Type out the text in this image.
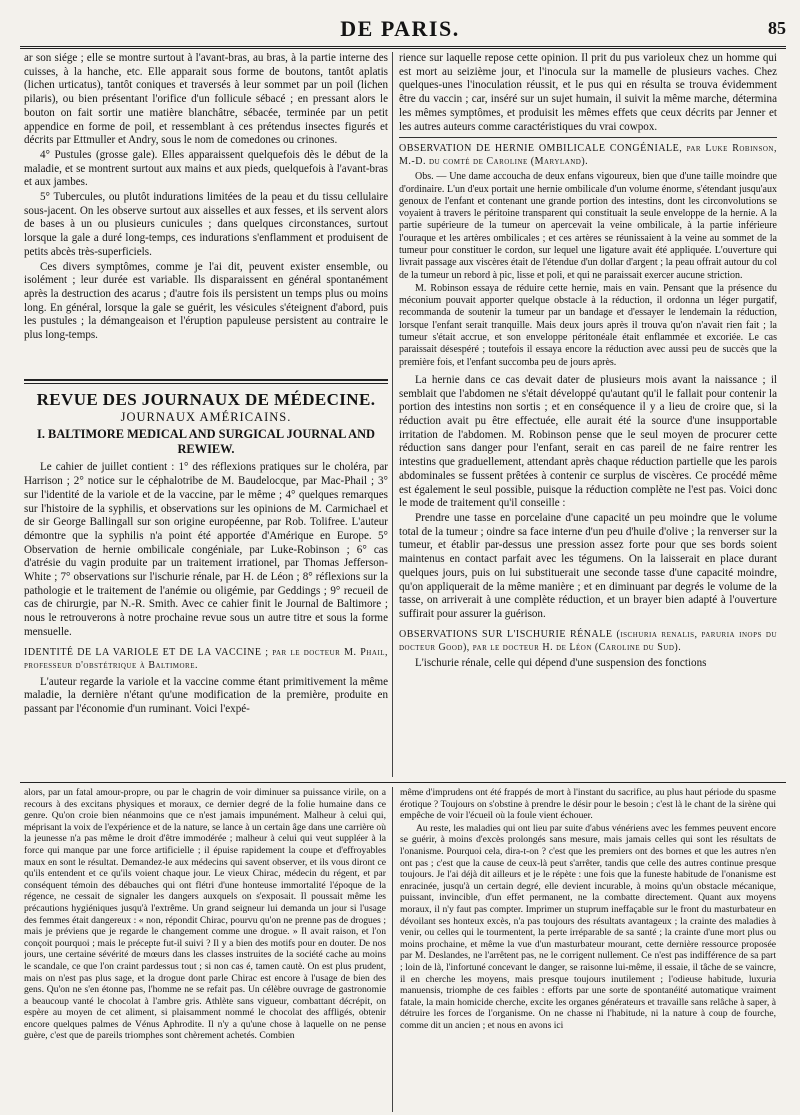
DE PARIS.	85

ar son siége ; elle se montre surtout à l'avant-bras, au bras, à la partie interne des cuisses, à la hanche, etc. Elle apparait sous forme de boutons, tantôt aplatis (lichen urticatus), tantôt coniques et traversés à leur sommet par un poil (lichen pilaris), ou bien présentant l'orifice d'un follicule sébacé ; en pressant alors le bouton on fait sortir une matière blanchâtre, sébacée, terminée par un petit appendice en forme de poil, et ressemblant à ces prétendus insectes figurés et décrits par Ettmuller et Andry, sous le nom de comedones ou crinones.

4° Pustules (grosse gale). Elles apparaissent quelquefois dès le début de la maladie, et se montrent surtout aux mains et aux pieds, quelquefois à l'avant-bras et aux jambes.

5° Tubercules, ou plutôt indurations limitées de la peau et du tissu cellulaire sous-jacent. On les observe surtout aux aisselles et aux fesses, et ils servent alors de bases à un ou plusieurs cunicules ; dans quelques circonstances, surtout lorsque la gale a duré long-temps, ces indurations s'enflamment et produisent de petits abcès très-superficiels.

Ces divers symptômes, comme je l'ai dit, peuvent exister ensemble, ou isolément ; leur durée est variable. Ils disparaissent en général spontanément après la destruction des acarus ; d'autre fois ils persistent un temps plus ou moins long. En général, lorsque la gale se guérit, les vésicules s'éteignent d'abord, puis les pustules ; la démangeaison et l'éruption papuleuse persistent au contraire le plus long-temps.

REVUE DES JOURNAUX DE MÉDECINE.
JOURNAUX AMÉRICAINS.
I. BALTIMORE MEDICAL AND SURGICAL JOURNAL AND REWIEW.

Le cahier de juillet contient : 1° des réflexions pratiques sur le choléra, par Harrison ; 2° notice sur le céphalotribe de M. Baudelocque, par Mac-Phail ; 3° sur l'identité de la variole et de la vaccine, par le même ; 4° quelques remarques sur l'histoire de la syphilis, et observations sur les opinions de M. Carmichael et de sir George Ballingall sur son origine européenne, par Rob. Tolifree. L'auteur démontre que la syphilis n'a point été apportée d'Amérique en Europe. 5° Observation de hernie ombilicale congéniale, par Luke-Robinson ; 6° cas d'atrésie du vagin produite par un traitement irrationel, par Thomas Jefferson-White ; 7° observations sur l'ischurie rénale, par H. de Léon ; 8° réflexions sur la pathologie et le traitement de l'anémie ou oligémie, par Geddings ; 9° recueil de cas de chirurgie, par N.-R. Smith. Avec ce cahier finit le Journal de Baltimore ; nous le retrouverons à notre prochaine revue sous un autre titre et sous la forme mensuelle.

IDENTITÉ DE LA VARIOLE ET DE LA VACCINE ; par le docteur M. Phail, professeur d'obstétrique à Baltimore.

L'auteur regarde la variole et la vaccine comme étant primitivement la même maladie, la dernière n'étant qu'une modification de la première, produite en passant par l'économie d'un ruminant. Voici l'expé-

rience sur laquelle repose cette opinion. Il prit du pus varioleux chez un homme qui est mort au seizième jour, et l'inocula sur la mamelle de plusieurs vaches. Chez quelques-unes l'inoculation réussit, et le pus qui en résulta se trouva évidemment être du vaccin ; car, inséré sur un sujet humain, il suivit la même marche, détermina les mêmes symptômes, et produisit les mêmes effets que ceux décrits par Jenner et les autres auteurs comme caractéristiques du vrai cowpox.

OBSERVATION DE HERNIE OMBILICALE CONGÉNIALE, par Luke Robinson, M.-D. du comté de Caroline (Maryland).

Obs. — Une dame accoucha de deux enfans vigoureux, bien que d'une taille moindre que d'ordinaire. L'un d'eux portait une hernie ombilicale d'un volume énorme, s'étendant jusqu'aux genoux de l'enfant et contenant une grande portion des intestins, dont les circonvolutions se voyaient à travers le péritoine transparent qui constituait la seule enveloppe de la hernie. A la partie supérieure de la tumeur on apercevait la veine ombilicale, à la partie inférieure l'ouraque et les artères ombilicales ; et ces artères se réunissaient à la veine au sommet de la tumeur pour constituer le cordon, sur lequel une ligature avait été appliquée. L'ouverture qui livrait passage aux viscères était de l'étendue d'un dollar d'argent ; la peau offrait autour du col de la tumeur un rebord à pic, lisse et poli, et qui ne paraissait exercer aucune striction.

M. Robinson essaya de réduire cette hernie, mais en vain. Pensant que la présence du méconium pouvait apporter quelque obstacle à la réduction, il ordonna un léger purgatif, recommanda de soutenir la tumeur par un bandage et d'essayer le lendemain la réduction, lorsque l'enfant serait tranquille. Mais deux jours après il trouva qu'on n'avait rien fait ; la tumeur s'était accrue, et son enveloppe péritonéale était enflammée et excoriée. Le cas paraissait désespéré ; toutefois il essaya encore la réduction avec aussi peu de succès que la première fois, et l'enfant succomba peu de jours après.

La hernie dans ce cas devait dater de plusieurs mois avant la naissance ; il semblait que l'abdomen ne s'était développé qu'autant qu'il le fallait pour contenir la portion des intestins non sortis ; et en conséquence il y a lieu de croire que, si la réduction avait pu être effectuée, elle aurait été la source d'une insupportable irritation de l'abdomen. M. Robinson pense que le seul moyen de procurer cette réduction sans danger pour l'enfant, serait en cas pareil de ne faire rentrer les intestins que graduellement, attendant après chaque réduction partielle que les parois abdominales se fussent prêtées à contenir ce surplus de viscères. Ce procédé même est également le seul possible, puisque la réduction complète ne l'est pas. Voici donc le mode de traitement qu'il conseille :

Prendre une tasse en porcelaine d'une capacité un peu moindre que le volume total de la tumeur ; oindre sa face interne d'un peu d'huile d'olive ; la renverser sur la tumeur, et établir par-dessus une pression assez forte pour que ses bords soient maintenus en contact parfait avec les tégumens. On la laisserait en place durant quelques jours, puis on lui substituerait une seconde tasse d'une capacité moindre, qu'on appliquerait de la même manière ; et en diminuant par degrés le volume de la tasse, on arriverait à une complète réduction, et un brayer bien adapté à l'ouverture suffirait pour assurer la guérison.

OBSERVATIONS SUR L'ISCHURIE RÉNALE (ischuria renalis, paruria inops du docteur Good), par le docteur H. de Léon (Caroline du Sud).

L'ischurie rénale, celle qui dépend d'une suspension des fonctions

alors, par un fatal amour-propre, ou par le chagrin de voir diminuer sa puissance virile, on a recours à des excitans physiques et moraux, ce dernier degré de la folie humaine dans ce genre. Qu'on croie bien néanmoins que ce n'est jamais impunément. Malheur à celui qui, méprisant la voix de l'expérience et de la nature, se lance à un certain âge dans une carrière où la jeunesse n'a pas même le droit d'être immodérée ; malheur à celui qui veut suppléer à la force qui manque par une force artificielle ; il épuise rapidement la coupe et d'effroyables maux en sont le résultat. Demandez-le aux médecins qui savent observer, et ils vous diront ce qu'ils entendent et ce qu'ils voient chaque jour. Le vieux Chirac, médecin du régent, et par conséquent témoin des débauches qui ont flétri d'une honteuse immortalité l'époque de la régence, ne cessait de signaler les dangers auxquels on s'exposait. Il poussait même les précautions hygiéniques jusqu'à l'extrême. Un grand seigneur lui demanda un jour si l'usage des femmes était dangereux : « non, répondit Chirac, pourvu qu'on ne prenne pas de drogues ; mais je préviens que je regarde le changement comme une drogue. » Il avait raison, et l'on conçoit pourquoi ; mais le précepte fut-il suivi ? Il y a bien des motifs pour en douter. De nos jours, une certaine sévérité de mœurs dans les classes instruites de la société cache au moins le scandale, ce que l'on craint pardessus tout ; si non cas é, tamen cautè. On est plus prudent, mais on n'est pas plus sage, et la drogue dont parle Chirac est encore à l'usage de bien des gens. Qu'on ne s'en étonne pas, l'homme ne se refait pas. Un célèbre ouvrage de gastronomie a beaucoup vanté le chocolat à l'ambre gris. Athlète sans vigueur, combattant décrépit, on espère au moyen de cet aliment, si plaisamment nommé le chocolat des affligés, obtenir encore quelques palmes de Vénus Aphrodite. Il n'y a qu'une chose à laquelle on ne pense guère, c'est que de pareils triomphes sont chèrement achetés. Combien

même d'imprudens ont été frappés de mort à l'instant du sacrifice, au plus haut période du spasme érotique ? Toujours on s'obstine à prendre le désir pour le besoin ; c'est là le chant de la sirène qui empêche de voir l'écueil où la foule vient échouer.

Au reste, les maladies qui ont lieu par suite d'abus vénériens avec les femmes peuvent encore se guérir, à moins d'excès prolongés sans mesure, mais jamais celles qui sont les résultats de l'onanisme. Pourquoi cela, dira-t-on ? c'est que les premiers ont des bornes et que les autres n'en ont pas ; c'est que la cause de ceux-là peut s'arrêter, tandis que celle des autres continue presque toujours. Je l'ai déjà dit ailleurs et je le répète : une fois que la funeste habitude de l'onanisme est enracinée, jusqu'à un certain degré, elle devient incurable, à moins qu'un obstacle mécanique, puissant, invincible, d'un effet permanent, ne la combatte directement. Quant aux moyens moraux, il n'y faut pas compter. Imprimer un stuprum ineffaçable sur le front du masturbateur en dévoilant ses honteux excès, n'a pas toujours des résultats avantageux ; la crainte des maladies à venir, ou celles qui le tourmentent, la perte irréparable de sa santé ; la crainte d'une mort plus ou moins prochaine, et même la vue d'un masturbateur mourant, cette dernière ressource proposée par M. Deslandes, ne l'arrêtent pas, ne le corrigent nullement. Ce n'est pas indifférence de sa part ; loin de là, l'infortuné concevant le danger, se raisonne lui-même, il essaie, il tâche de se vaincre, il en cherche les moyens, mais presque toujours inutilement ; l'odieuse habitude, luxuria manuensis, triomphe de ces faibles : efforts par une sorte de spontanéité automatique vraiment fatale, la main homicide cherche, excite les organes générateurs et travaille sans relâche à saper, à détruire les forces de l'organisme. On ne chasse ni l'habitude, ni la nature à coup de fourche, comme dit un ancien ; et nous en avons ici
